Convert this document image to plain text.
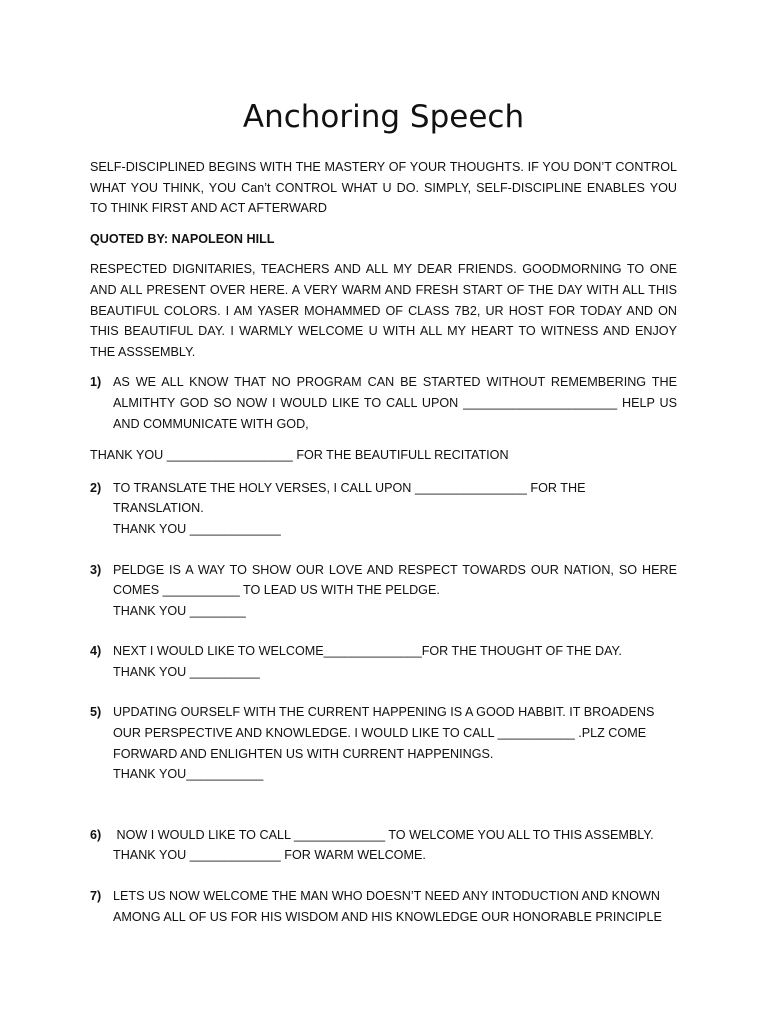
Anchoring Speech

SELF-DISCIPLINED BEGINS WITH THE MASTERY OF YOUR THOUGHTS. IF YOU DON’T CONTROL WHAT YOU THINK, YOU Can’t CONTROL WHAT U DO. SIMPLY, SELF-DISCIPLINE ENABLES YOU TO THINK FIRST AND ACT AFTERWARD

QUOTED BY: NAPOLEON HILL

RESPECTED DIGNITARIES, TEACHERS AND ALL MY DEAR FRIENDS. GOODMORNING TO ONE AND ALL PRESENT OVER HERE. A VERY WARM AND FRESH START OF THE DAY WITH ALL THIS BEAUTIFUL COLORS. I AM YASER MOHAMMED OF CLASS 7B2, UR HOST FOR TODAY AND ON THIS BEAUTIFUL DAY. I WARMLY WELCOME U WITH ALL MY HEART TO WITNESS AND ENJOY THE ASSSEMBLY.

1) AS WE ALL KNOW THAT NO PROGRAM CAN BE STARTED WITHOUT REMEMBERING THE ALMITHTY GOD SO NOW I WOULD LIKE TO CALL UPON ______________________ HELP US AND COMMUNICATE WITH GOD,

THANK YOU __________________ FOR THE BEAUTIFULL RECITATION

2) TO TRANSLATE THE HOLY VERSES, I CALL UPON ________________ FOR THE TRANSLATION.
THANK YOU _____________
3) PELDGE IS A WAY TO SHOW OUR LOVE AND RESPECT TOWARDS OUR NATION, SO HERE COMES ___________ TO LEAD US WITH THE PELDGE.
THANK YOU ________
4) NEXT I WOULD LIKE TO WELCOME______________FOR THE THOUGHT OF THE DAY.
THANK YOU __________
5) UPDATING OURSELF WITH THE CURRENT HAPPENING IS A GOOD HABBIT. IT BROADENS
OUR PERSPECTIVE AND KNOWLEDGE. I WOULD LIKE TO CALL ___________ .PLZ COME
FORWARD AND ENLIGHTEN US WITH CURRENT HAPPENINGS.
THANK YOU___________
6) NOW I WOULD LIKE TO CALL _____________ TO WELCOME YOU ALL TO THIS ASSEMBLY.
THANK YOU _____________ FOR WARM WELCOME.
7) LETS US NOW WELCOME THE MAN WHO DOESN’T NEED ANY INTODUCTION AND KNOWN
AMONG ALL OF US FOR HIS WISDOM AND HIS KNOWLEDGE OUR HONORABLE PRINCIPLE
